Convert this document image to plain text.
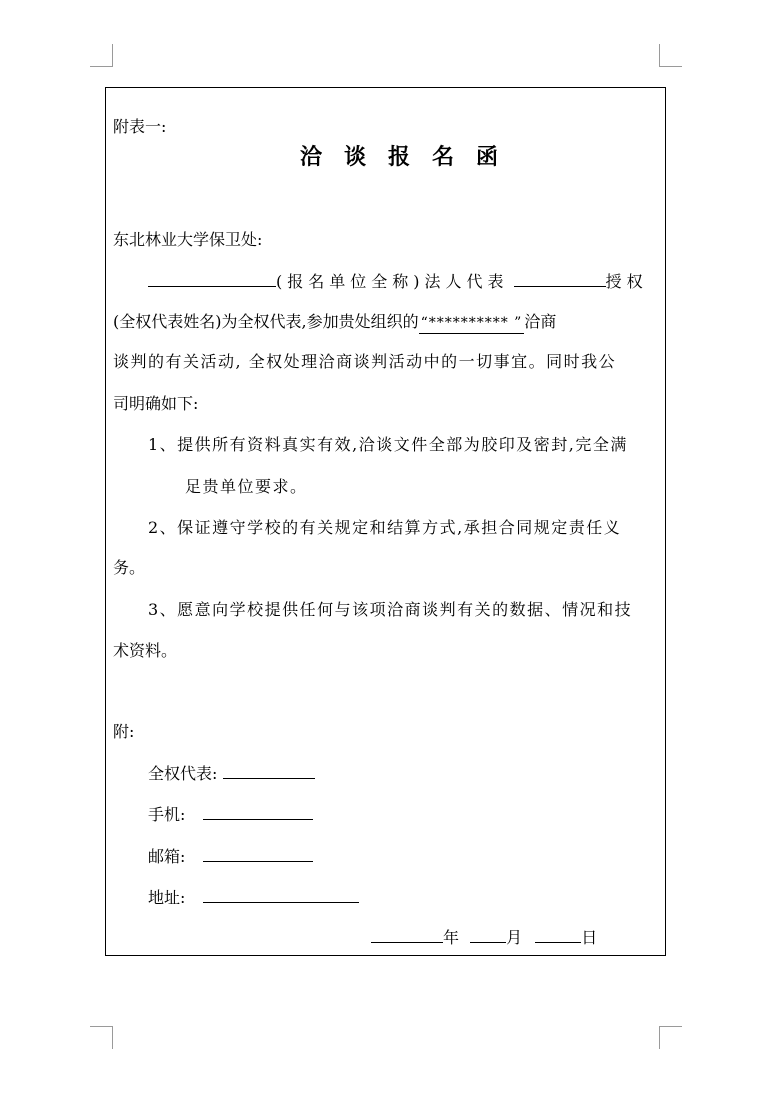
附表一:
洽谈报名函
东北林业大学保卫处:
(报名单位全称)法人代表	授权
(全权代表姓名)为全权代表,参加贵处组织的 “********** ” 洽商
谈判的有关活动, 全权处理洽商谈判活动中的一切事宜。同时我公
司明确如下:
1、提供所有资料真实有效,洽谈文件全部为胶印及密封,完全满
足贵单位要求。
2、保证遵守学校的有关规定和结算方式,承担合同规定责任义
务。
3、愿意向学校提供任何与该项洽商谈判有关的数据、情况和技
术资料。
附:
全权代表:
手机:
邮箱:
地址:
年	月	日
